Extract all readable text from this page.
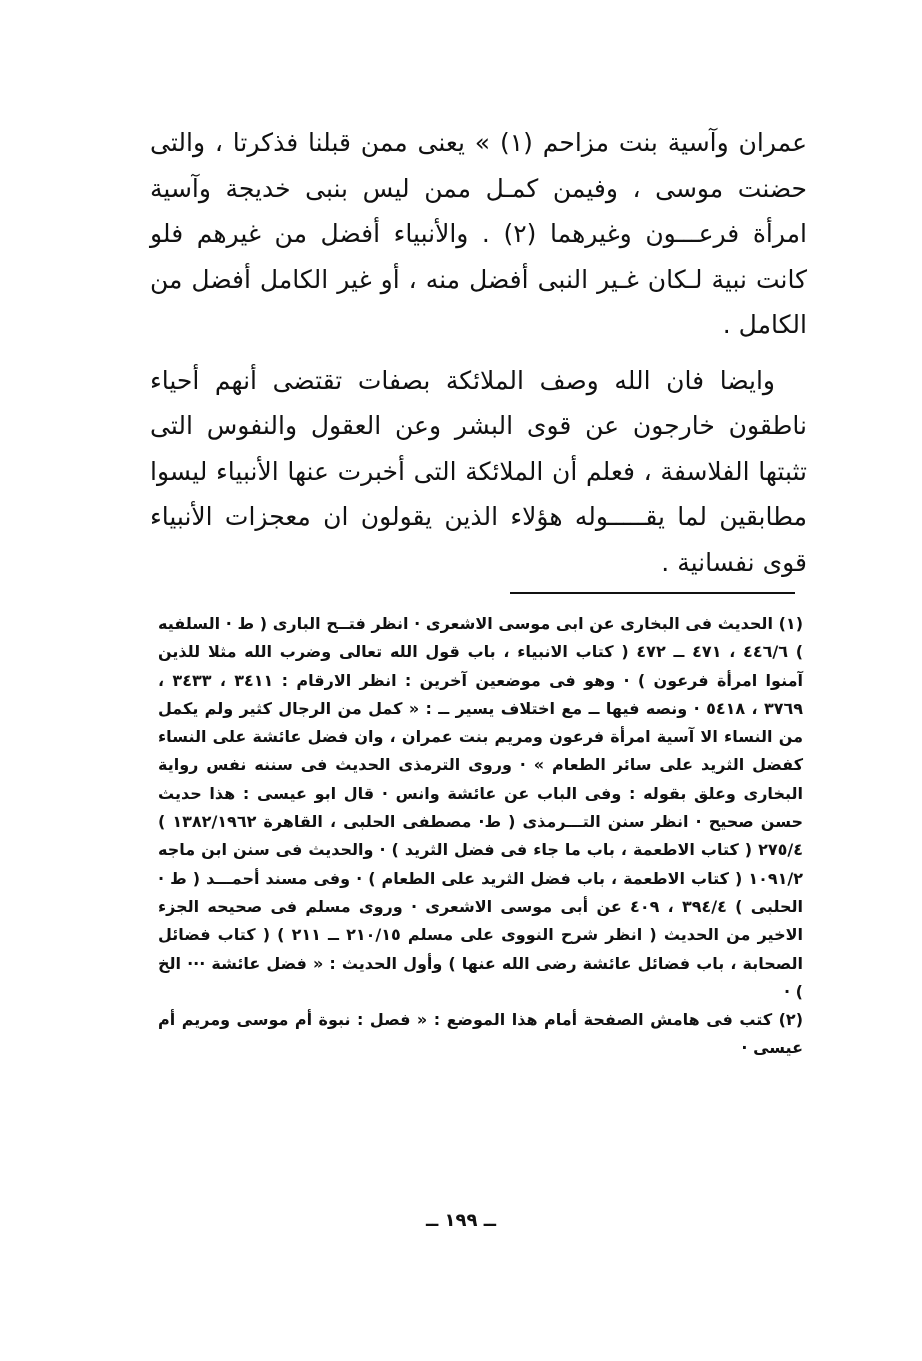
عمران وآسية بنت مزاحم (١) » يعنى ممن قبلنا فذكرتا ، والتى حضنت موسى ، وفيمن كمـل ممن ليس بنبى خديجة وآسية امرأة فرعـــون وغيرهما (٢) . والأنبياء أفضل من غيرهم فلو كانت نبية لـكان غـير النبى أفضل منه ، أو غير الكامل أفضل من الكامل .

وايضا فان الله وصف الملائكة بصفات تقتضى أنهم أحياء ناطقون خارجون عن قوى البشر وعن العقول والنفوس التى تثبتها الفلاسفة ، فعلم أن الملائكة التى أخبرت عنها الأنبياء ليسوا مطابقين لما يقـــــوله هؤلاء الذين يقولون ان معجزات الأنبياء قوى نفسانية .

(١) الحديث فى البخارى عن ابى موسى الاشعرى · انظر فتــح البارى ( ط · السلفيه ) ٤٤٦/٦ ، ٤٧١ ــ ٤٧٢ ( كتاب الانبياء ، باب قول الله تعالى وضرب الله مثلا للذين آمنوا امرأة فرعون ) · وهو فى موضعين آخرين : انظر الارقام : ٣٤١١ ، ٣٤٣٣ ، ٣٧٦٩ ، ٥٤١٨ · ونصه فيها ــ مع اختلاف يسير ــ : « كمل من الرجال كثير ولم يكمل من النساء الا آسية امرأة فرعون ومريم بنت عمران ، وان فضل عائشة على النساء كفضل الثريد على سائر الطعام » · وروى الترمذى الحديث فى سننه نفس رواية البخارى وعلق بقوله : وفى الباب عن عائشة وانس · قال ابو عيسى : هذا حديث حسن صحيح · انظر سنن التـــرمذى ( ط· مصطفى الحلبى ، القاهرة ١٣٨٢/١٩٦٢ ) ٢٧٥/٤ ( كتاب الاطعمة ، باب ما جاء فى فضل الثريد ) · والحديث فى سنن ابن ماجه ١٠٩١/٢ ( كتاب الاطعمة ، باب فضل الثريد على الطعام ) · وفى مسند أحمـــد ( ط · الحلبى ) ٣٩٤/٤ ، ٤٠٩ عن أبى موسى الاشعرى · وروى مسلم فى صحيحه الجزء الاخير من الحديث ( انظر شرح النووى على مسلم ٢١٠/١٥ ــ ٢١١ ) ( كتاب فضائل الصحابة ، باب فضائل عائشة رضى الله عنها ) وأول الحديث : « فضل عائشة ··· الخ ) ·

(٢) كتب فى هامش الصفحة أمام هذا الموضع : « فصل : نبوة أم موسى ومريم أم عيسى ·

ــ ١٩٩ ــ
